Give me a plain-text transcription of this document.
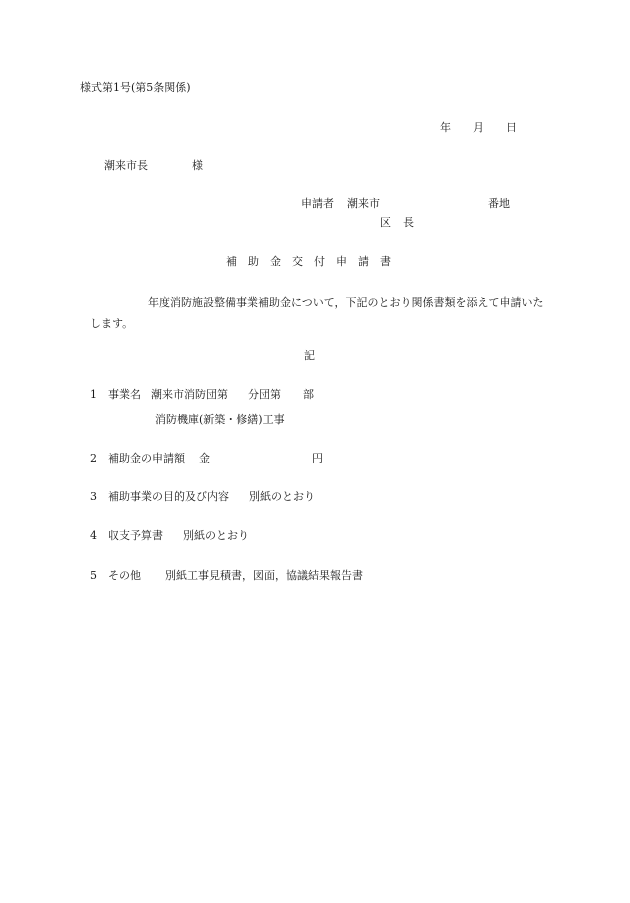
様式第1号(第5条関係)
年 月 日
潮来市長	様
申請者 潮来市	番地
区 長
補助金交付申請書
年度消防施設整備事業補助金について，下記のとおり関係書類を添えて申請いたします。
記
1 事業名 潮来市消防団第 分団第 部
消防機庫(新築・修繕)工事
2 補助金の申請額 金	円
3 補助事業の目的及び内容 別紙のとおり
4 収支予算書 別紙のとおり
5 その他 別紙工事見積書，図面，協議結果報告書
